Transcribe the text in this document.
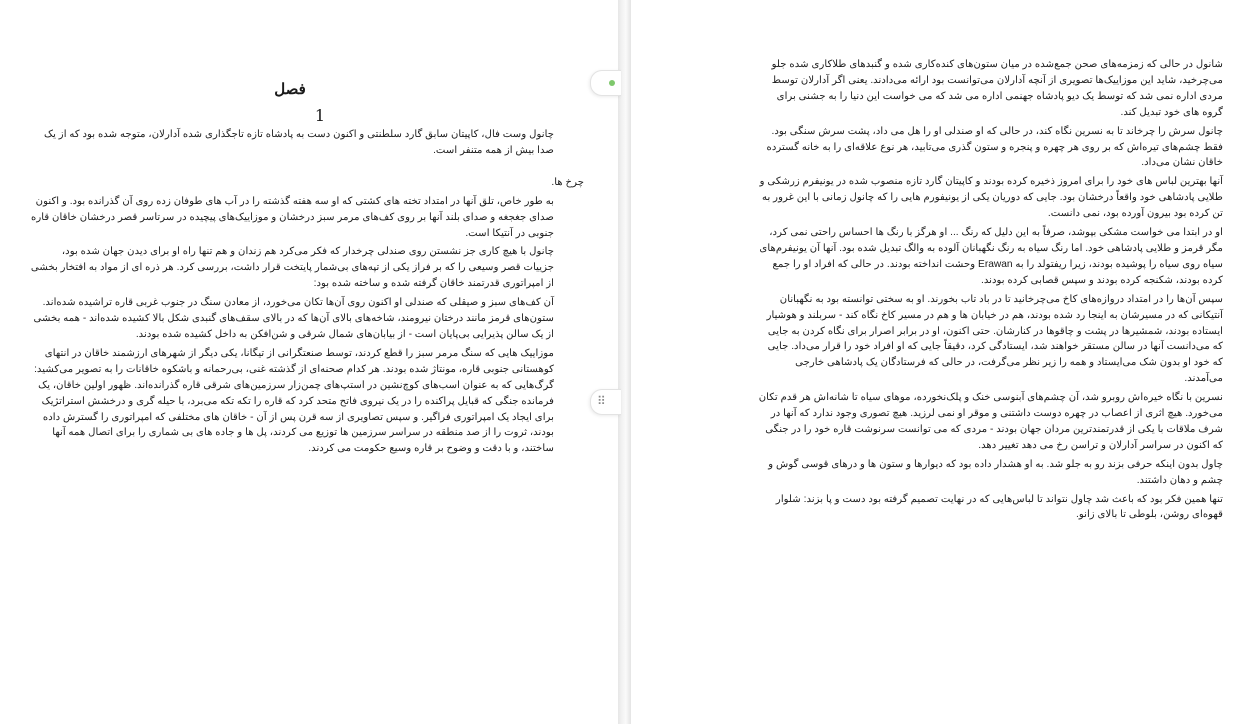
فصل
1

چانول وست فال، کاپیتان سابق گارد سلطنتی و اکنون دست به پادشاه تازه تاجگذاری شده آدارلان، متوجه شده بود که از یک صدا بیش از همه متنفر است.

چرخ ها.

به طور خاص، تلق آنها در امتداد تخته های کشتی که او سه هفته گذشته را در آب های طوفان زده روی آن گذرانده بود. و اکنون صدای جغجغه و صدای بلند آنها بر روی کف‌های مرمر سبز درخشان و موزاییک‌های پیچیده در سرتاسر قصر درخشان خاقان قاره جنوبی در آنتیکا است.

چانول با هیچ کاری جز نشستن روی صندلی چرخدار که فکر می‌کرد هم زندان و هم تنها راه او برای دیدن جهان شده بود، جزییات قصر وسیعی را که بر فراز یکی از تپه‌های بی‌شمار پایتخت قرار داشت، بررسی کرد. هر ذره ای از مواد به افتخار بخشی از امپراتوری قدرتمند خاقان گرفته شده و ساخته شده بود:

آن کف‌های سبز و صیقلی که صندلی او اکنون روی آن‌ها تکان می‌خورد، از معادن سنگ در جنوب غربی قاره تراشیده شده‌اند. ستون‌های قرمز مانند درختان نیرومند، شاخه‌های بالای آن‌ها که در بالای سقف‌های گنبدی شکل بالا کشیده شده‌اند - همه بخشی از یک سالن پذیرایی بی‌پایان است - از بیابان‌های شمال شرقی و شن‌افکن به داخل کشیده شده بودند.

موزاییک هایی که سنگ مرمر سبز را قطع کردند، توسط صنعتگرانی از تیگانا، یکی دیگر از شهرهای ارزشمند خاقان در انتهای کوهستانی جنوبی قاره، مونتاژ شده بودند. هر کدام صحنه‌ای از گذشته غنی، بی‌رحمانه و باشکوه خاقانات را به تصویر می‌کشید: گرگ‌هایی که به عنوان اسب‌های کوچ‌نشین در استپ‌های چمن‌زار سرزمین‌های شرقی قاره گذرانده‌اند. ظهور اولین خاقان، یک فرمانده جنگی که قبایل پراکنده را در یک نیروی فاتح متحد کرد که قاره را تکه تکه می‌برد، با حیله گری و درخشش استراتژیک برای ایجاد یک امپراتوری فراگیر. و سپس تصاویری از سه قرن پس از آن - خاقان های مختلفی که امپراتوری را گسترش داده بودند، ثروت را از صد منطقه در سراسر سرزمین ها توزیع می کردند، پل ها و جاده های بی شماری را برای اتصال همه آنها ساختند، و با دقت و وضوح بر قاره وسیع حکومت می کردند.

شانول در حالی که زمزمه‌های صحن جمع‌شده در میان ستون‌های کنده‌کاری شده و گنبدهای طلاکاری شده جلو می‌چرخید، شاید این موزاییک‌ها تصویری از آنچه آدارلان می‌توانست بود ارائه می‌دادند. یعنی اگر آدارلان توسط مردی اداره نمی شد که توسط یک دیو پادشاه جهنمی اداره می شد که می خواست این دنیا را به جشنی برای گروه های خود تبدیل کند.

چانول سرش را چرخاند تا به نسرین نگاه کند، در حالی که او صندلی او را هل می داد، پشت سرش سنگی بود. فقط چشم‌های تیره‌اش که بر روی هر چهره و پنجره و ستون گذری می‌تابید، هر نوع علاقه‌ای را به خانه گسترده خاقان نشان می‌داد.

آنها بهترین لباس های خود را برای امروز ذخیره کرده بودند و کاپیتان گارد تازه منصوب شده در یونیفرم زرشکی و طلایی پادشاهی خود واقعاً درخشان بود. جایی که دوریان یکی از یونیفورم هایی را که چانول زمانی با این غرور به تن کرده بود بیرون آورده بود، نمی دانست.

او در ابتدا می خواست مشکی بپوشد، صرفاً به این دلیل که رنگ ... او هرگز با رنگ ها احساس راحتی نمی کرد، مگر قرمز و طلایی پادشاهی خود. اما رنگ سیاه به رنگ نگهبانان آلوده به والگ تبدیل شده بود. آنها آن یونیفرم‌های سیاه روی سیاه را پوشیده بودند، زیرا ریفتولد را به Erawan وحشت انداخته بودند. در حالی که افراد او را جمع کرده بودند، شکنجه کرده بودند و سپس قصابی کرده بودند.

سپس آن‌ها را در امتداد دروازه‌های کاخ می‌چرخانید تا در باد تاب بخورند. او به سختی توانسته بود به نگهبانان آنتیکانی که در مسیرشان به اینجا رد شده بودند، هم در خیابان ها و هم در مسیر کاخ نگاه کند - سربلند و هوشیار ایستاده بودند، شمشیرها در پشت و چاقوها در کنارشان. حتی اکنون، او در برابر اصرار برای نگاه کردن به جایی که می‌دانست آنها در سالن مستقر خواهند شد، ایستادگی کرد، دقیقاً جایی که او افراد خود را قرار می‌داد. جایی که خود او بدون شک می‌ایستاد و همه را زیر نظر می‌گرفت، در حالی که فرستادگان یک پادشاهی خارجی می‌آمدند.

نسرین با نگاه خیره‌اش روبرو شد، آن چشم‌های آبنوسی خنک و پلک‌نخورده، موهای سیاه تا شانه‌اش هر قدم تکان می‌خورد. هیچ اثری از اعصاب در چهره دوست داشتنی و موقر او نمی لرزید. هیچ تصوری وجود ندارد که آنها در شرف ملاقات با یکی از قدرتمندترین مردان جهان بودند - مردی که می توانست سرنوشت قاره خود را در جنگی که اکنون در سراسر آدارلان و تراسن رخ می دهد تغییر دهد.

چاول بدون اینکه حرفی بزند رو به جلو شد. به او هشدار داده بود که دیوارها و ستون ها و درهای قوسی گوش و چشم و دهان داشتند.

تنها همین فکر بود که باعث شد چاول نتواند تا لباس‌هایی که در نهایت تصمیم گرفته بود دست و پا بزند: شلوار قهوه‌ای روشن، بلوطی تا بالای زانو.

⠿
